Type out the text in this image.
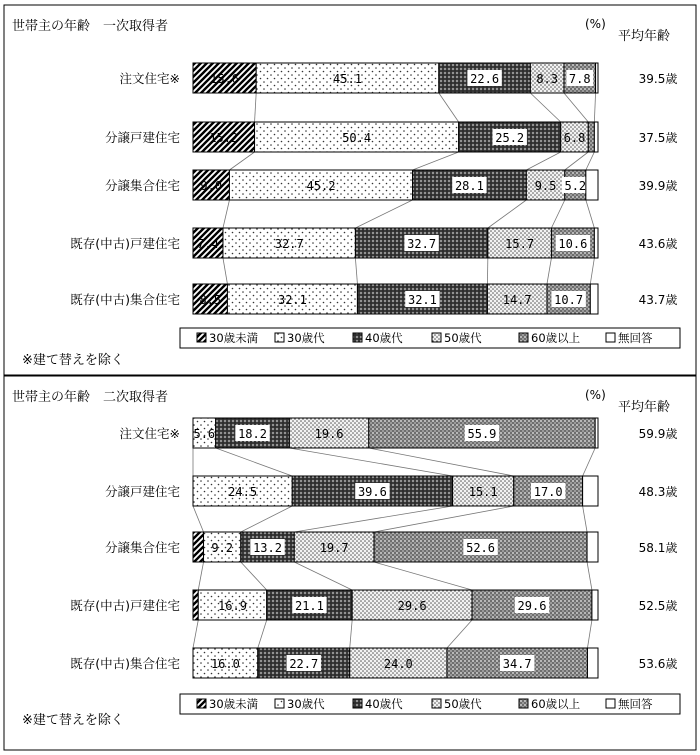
世帯主の年齢　一次取得者	(%)
平均年齢
注文住宅※	15.6	45.1	22.6	8.3 7.8	39.5歳
分譲戸建住宅 15.2	50.4	25.2	6.8	37.5歳
分譲集合住宅 9.0	45.2	28.1	9.5 5.2	39.9歳
既存(中古)戸建住宅 7.4	32.7	32.7	15.7 10.6	43.6歳
既存(中古)集合住宅 8.5	32.1	32.1	14.7 10.7	43.7歳
30歳未満	30歳代	40歳代	50歳代	60歳以上	無回答
※建て替えを除く
世帯主の年齢　二次取得者	(%)
平均年齢
注文住宅※ 5.6 18.2	19.6	55.9	59.9歳
分譲戸建住宅	24.5	39.6	15.1	17.0	48.3歳
分譲集合住宅	9.2 13.2	19.7	52.6	58.1歳
既存(中古)戸建住宅	16.9	21.1	29.6	29.6	52.5歳
既存(中古)集合住宅	16.0	22.7	24.0	34.7	53.6歳
30歳未満	30歳代	40歳代	50歳代	60歳以上	無回答
※建て替えを除く
